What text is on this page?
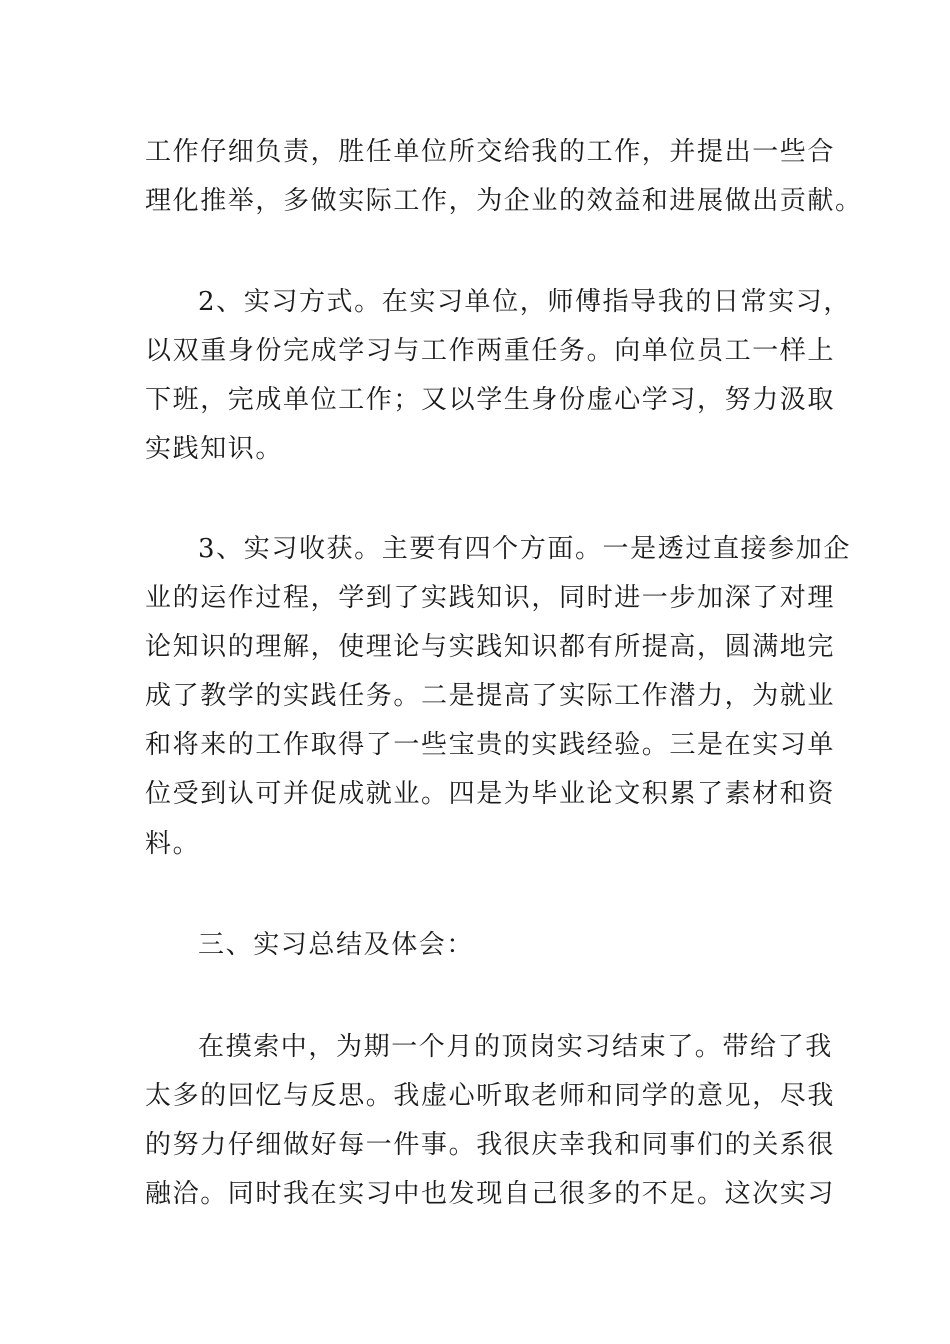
工作仔细负责，胜任单位所交给我的工作，并提出一些合
理化推举，多做实际工作，为企业的效益和进展做出贡献。
2、实习方式。在实习单位，师傅指导我的日常实习，
以双重身份完成学习与工作两重任务。向单位员工一样上
下班，完成单位工作；又以学生身份虚心学习，努力汲取
实践知识。
3、实习收获。主要有四个方面。一是透过直接参加企
业的运作过程，学到了实践知识，同时进一步加深了对理
论知识的理解，使理论与实践知识都有所提高，圆满地完
成了教学的实践任务。二是提高了实际工作潜力，为就业
和将来的工作取得了一些宝贵的实践经验。三是在实习单
位受到认可并促成就业。四是为毕业论文积累了素材和资
料。
三、实习总结及体会：
在摸索中，为期一个月的顶岗实习结束了。带给了我
太多的回忆与反思。我虚心听取老师和同学的意见，尽我
的努力仔细做好每一件事。我很庆幸我和同事们的关系很
融洽。同时我在实习中也发现自己很多的不足。这次实习
